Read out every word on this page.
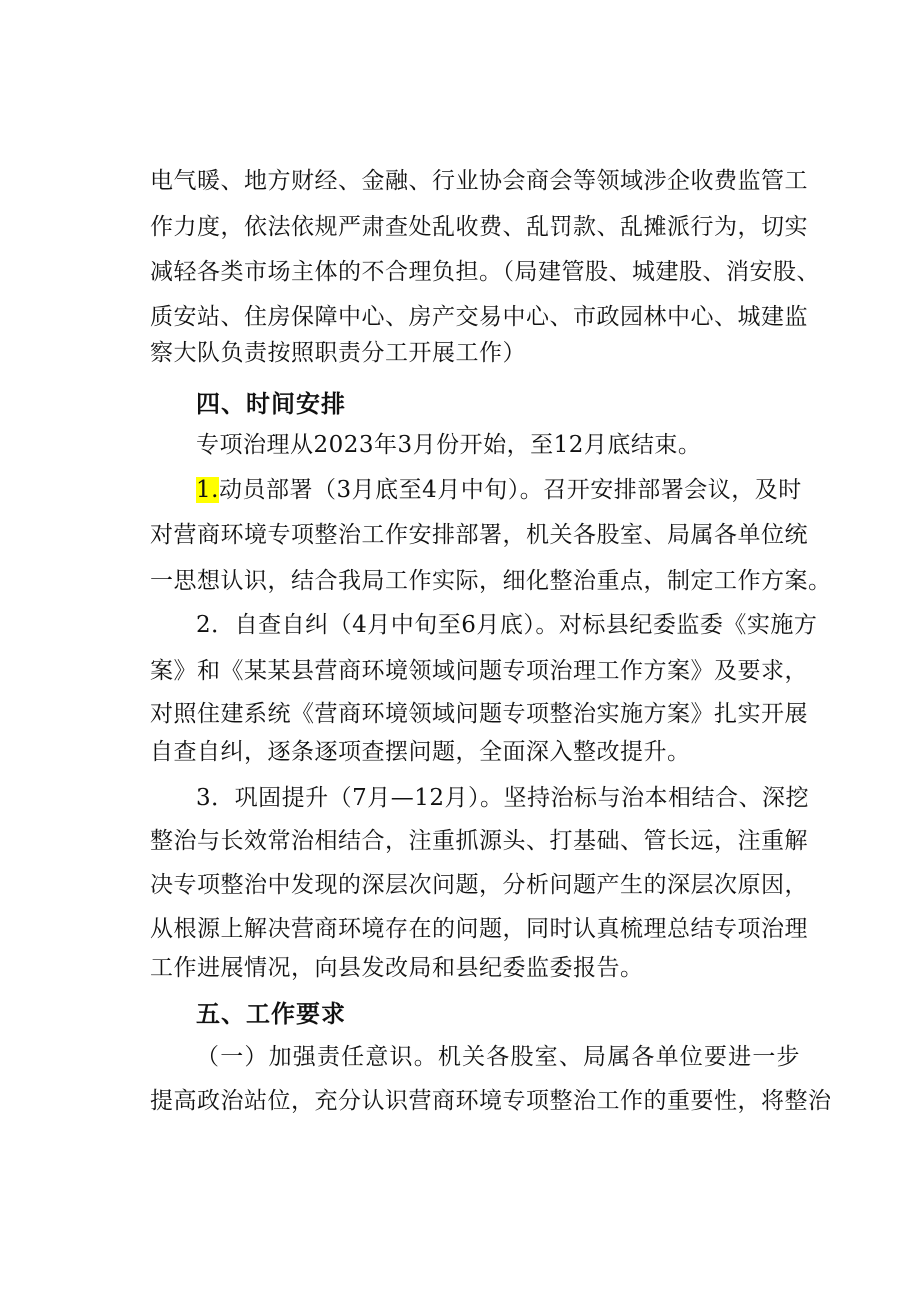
电气暖、地方财经、金融、行业协会商会等领域涉企收费监管工
作力度，依法依规严肃查处乱收费、乱罚款、乱摊派行为，切实
减轻各类市场主体的不合理负担。（局建管股、城建股、消安股、
质安站、住房保障中心、房产交易中心、市政园林中心、城建监
察大队负责按照职责分工开展工作）
四、时间安排
专项治理从2023年3月份开始，至12月底结束。
1.动员部署（3月底至4月中旬）。召开安排部署会议，及时
对营商环境专项整治工作安排部署，机关各股室、局属各单位统
一思想认识，结合我局工作实际，细化整治重点，制定工作方案。
2．自查自纠（4月中旬至6月底）。对标县纪委监委《实施方
案》和《某某县营商环境领域问题专项治理工作方案》及要求，
对照住建系统《营商环境领域问题专项整治实施方案》扎实开展
自查自纠，逐条逐项查摆问题，全面深入整改提升。
3．巩固提升（7月—12月）。坚持治标与治本相结合、深挖
整治与长效常治相结合，注重抓源头、打基础、管长远，注重解
决专项整治中发现的深层次问题，分析问题产生的深层次原因，
从根源上解决营商环境存在的问题，同时认真梳理总结专项治理
工作进展情况，向县发改局和县纪委监委报告。
五、工作要求
（一）加强责任意识。机关各股室、局属各单位要进一步
提高政治站位，充分认识营商环境专项整治工作的重要性，将整治
